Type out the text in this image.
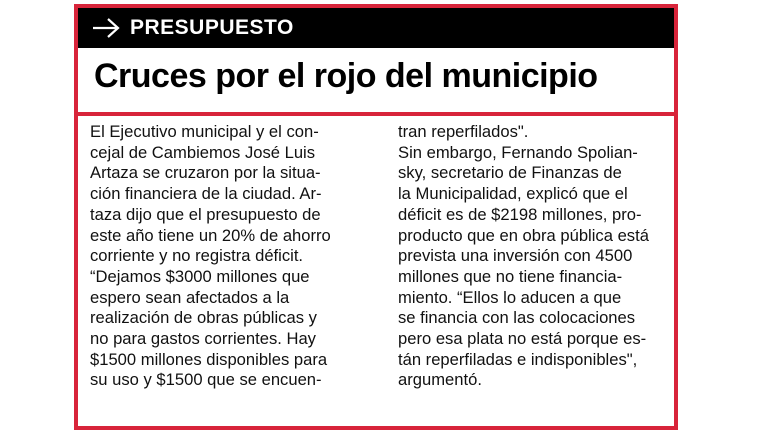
PRESUPUESTO
Cruces por el rojo del municipio
El Ejecutivo municipal y el con-
cejal de Cambiemos José Luis
Artaza se cruzaron por la situa-
ción financiera de la ciudad. Ar-
taza dijo que el presupuesto de
este año tiene un 20% de ahorro
corriente y no registra déficit.
“Dejamos $3000 millones que
espero sean afectados a la
realización de obras públicas y
no para gastos corrientes. Hay
$1500 millones disponibles para
su uso y $1500 que se encuen-
tran reperfilados".
Sin embargo, Fernando Spolian-
sky, secretario de Finanzas de
la Municipalidad, explicó que el
déficit es de $2198 millones, pro-
producto que en obra pública está
prevista una inversión con 4500
millones que no tiene financia-
miento. “Ellos lo aducen a que
se financia con las colocaciones
pero esa plata no está porque es-
tán reperfiladas e indisponibles",
argumentó.
